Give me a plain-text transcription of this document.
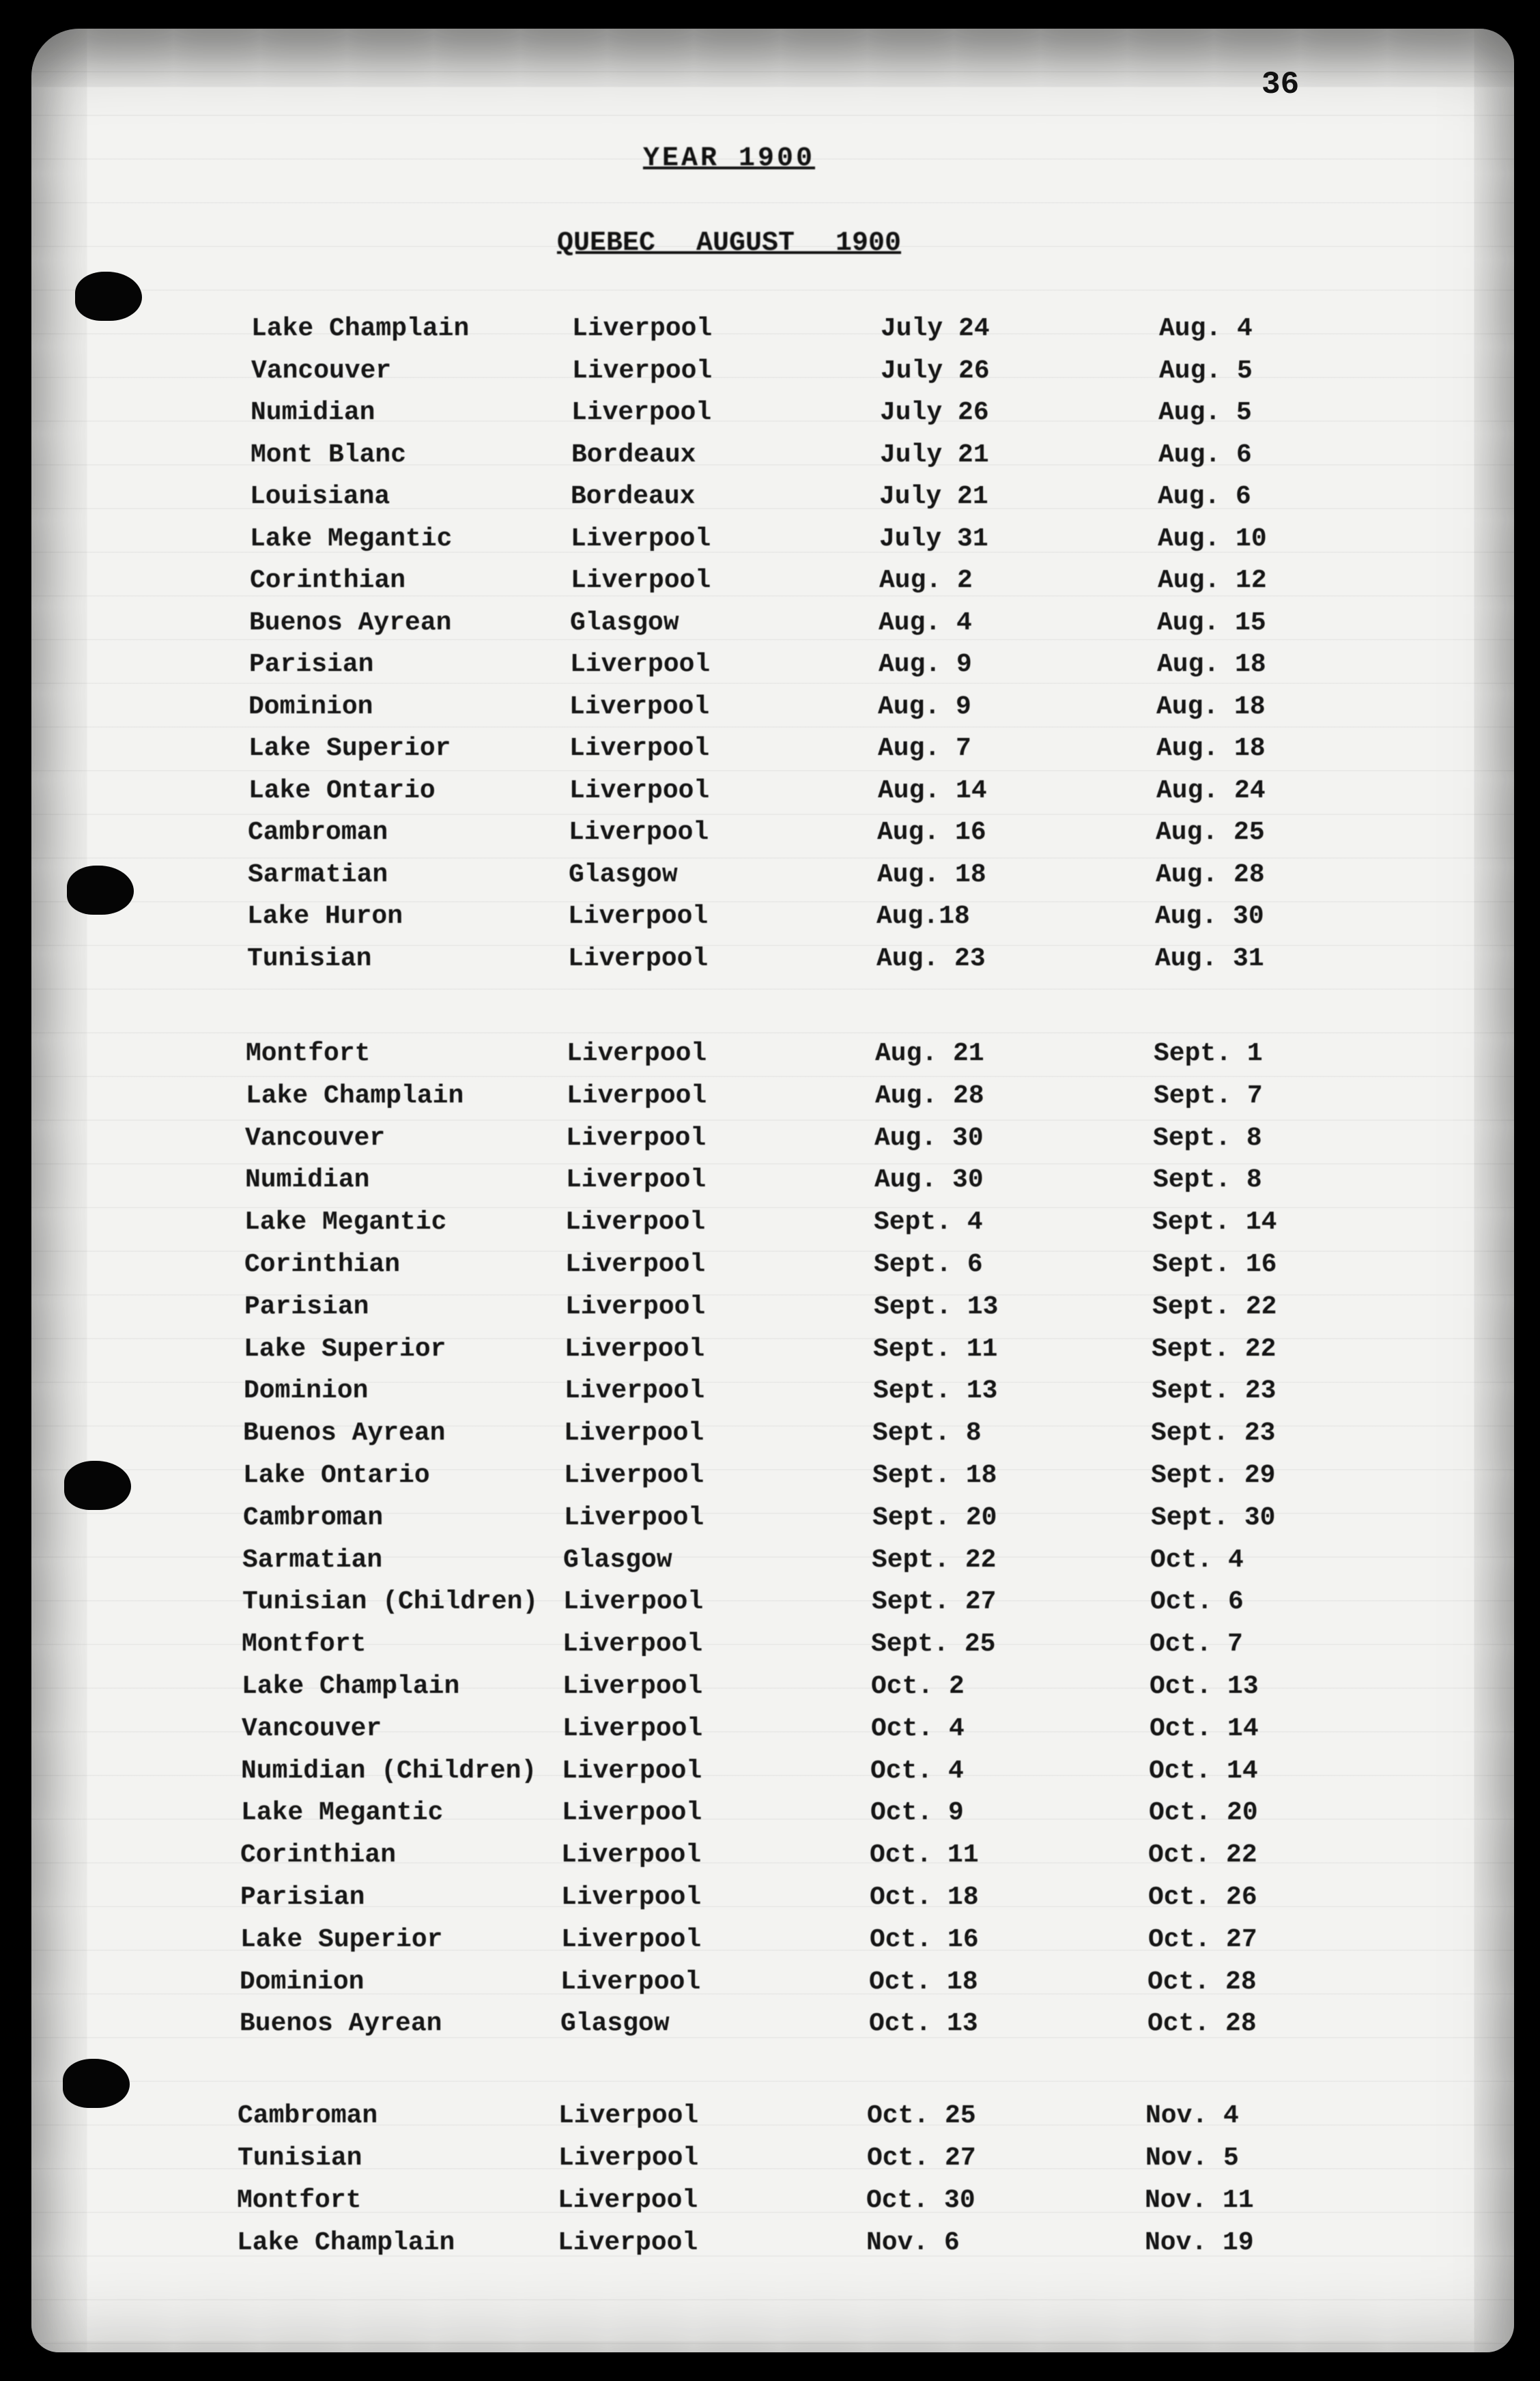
36
YEAR 1900
QUEBEC AUGUST 1900
Lake Champlain	Liverpool	July 24	Aug. 4
Vancouver	Liverpool	July 26	Aug. 5
Numidian	Liverpool	July 26	Aug. 5
Mont Blanc	Bordeaux	July 21	Aug. 6
Louisiana	Bordeaux	July 21	Aug. 6
Lake Megantic	Liverpool	July 31	Aug. 10
Corinthian	Liverpool	Aug. 2	Aug. 12
Buenos Ayrean	Glasgow	Aug. 4	Aug. 15
Parisian	Liverpool	Aug. 9	Aug. 18
Dominion	Liverpool	Aug. 9	Aug. 18
Lake Superior	Liverpool	Aug. 7	Aug. 18
Lake Ontario	Liverpool	Aug. 14	Aug. 24
Cambroman	Liverpool	Aug. 16	Aug. 25
Sarmatian	Glasgow	Aug. 18	Aug. 28
Lake Huron	Liverpool	Aug.18	Aug. 30
Tunisian	Liverpool	Aug. 23	Aug. 31
Montfort	Liverpool	Aug. 21	Sept. 1
Lake Champlain	Liverpool	Aug. 28	Sept. 7
Vancouver	Liverpool	Aug. 30	Sept. 8
Numidian	Liverpool	Aug. 30	Sept. 8
Lake Megantic	Liverpool	Sept. 4	Sept. 14
Corinthian	Liverpool	Sept. 6	Sept. 16
Parisian	Liverpool	Sept. 13	Sept. 22
Lake Superior	Liverpool	Sept. 11	Sept. 22
Dominion	Liverpool	Sept. 13	Sept. 23
Buenos Ayrean	Liverpool	Sept. 8	Sept. 23
Lake Ontario	Liverpool	Sept. 18	Sept. 29
Cambroman	Liverpool	Sept. 20	Sept. 30
Sarmatian	Glasgow	Sept. 22	Oct. 4
Tunisian (Children) Liverpool	Sept. 27	Oct. 6
Montfort	Liverpool	Sept. 25	Oct. 7
Lake Champlain	Liverpool	Oct. 2	Oct. 13
Vancouver	Liverpool	Oct. 4	Oct. 14
Numidian (Children) Liverpool	Oct. 4	Oct. 14
Lake Megantic	Liverpool	Oct. 9	Oct. 20
Corinthian	Liverpool	Oct. 11	Oct. 22
Parisian	Liverpool	Oct. 18	Oct. 26
Lake Superior	Liverpool	Oct. 16	Oct. 27
Dominion	Liverpool	Oct. 18	Oct. 28
Buenos Ayrean	Glasgow	Oct. 13	Oct. 28
Cambroman	Liverpool	Oct. 25	Nov. 4
Tunisian	Liverpool	Oct. 27	Nov. 5
Montfort	Liverpool	Oct. 30	Nov. 11
Lake Champlain	Liverpool	Nov. 6	Nov. 19
